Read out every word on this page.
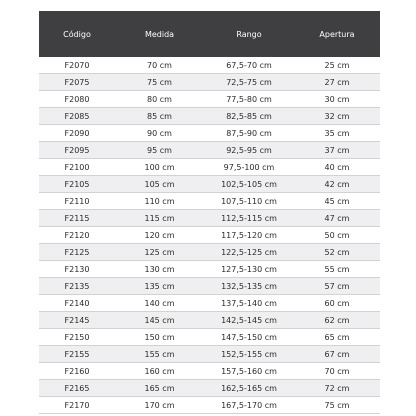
Código	Medida	Rango	Apertura
F2070	70 cm	67,5-70 cm	25 cm
F2075	75 cm	72,5-75 cm	27 cm
F2080	80 cm	77,5-80 cm	30 cm
F2085	85 cm	82,5-85 cm	32 cm
F2090	90 cm	87,5-90 cm	35 cm
F2095	95 cm	92,5-95 cm	37 cm
F2100	100 cm	97,5-100 cm	40 cm
F2105	105 cm	102,5-105 cm	42 cm
F2110	110 cm	107,5-110 cm	45 cm
F2115	115 cm	112,5-115 cm	47 cm
F2120	120 cm	117,5-120 cm	50 cm
F2125	125 cm	122,5-125 cm	52 cm
F2130	130 cm	127,5-130 cm	55 cm
F2135	135 cm	132,5-135 cm	57 cm
F2140	140 cm	137,5-140 cm	60 cm
F2145	145 cm	142,5-145 cm	62 cm
F2150	150 cm	147,5-150 cm	65 cm
F2155	155 cm	152,5-155 cm	67 cm
F2160	160 cm	157,5-160 cm	70 cm
F2165	165 cm	162,5-165 cm	72 cm
F2170	170 cm	167,5-170 cm	75 cm
